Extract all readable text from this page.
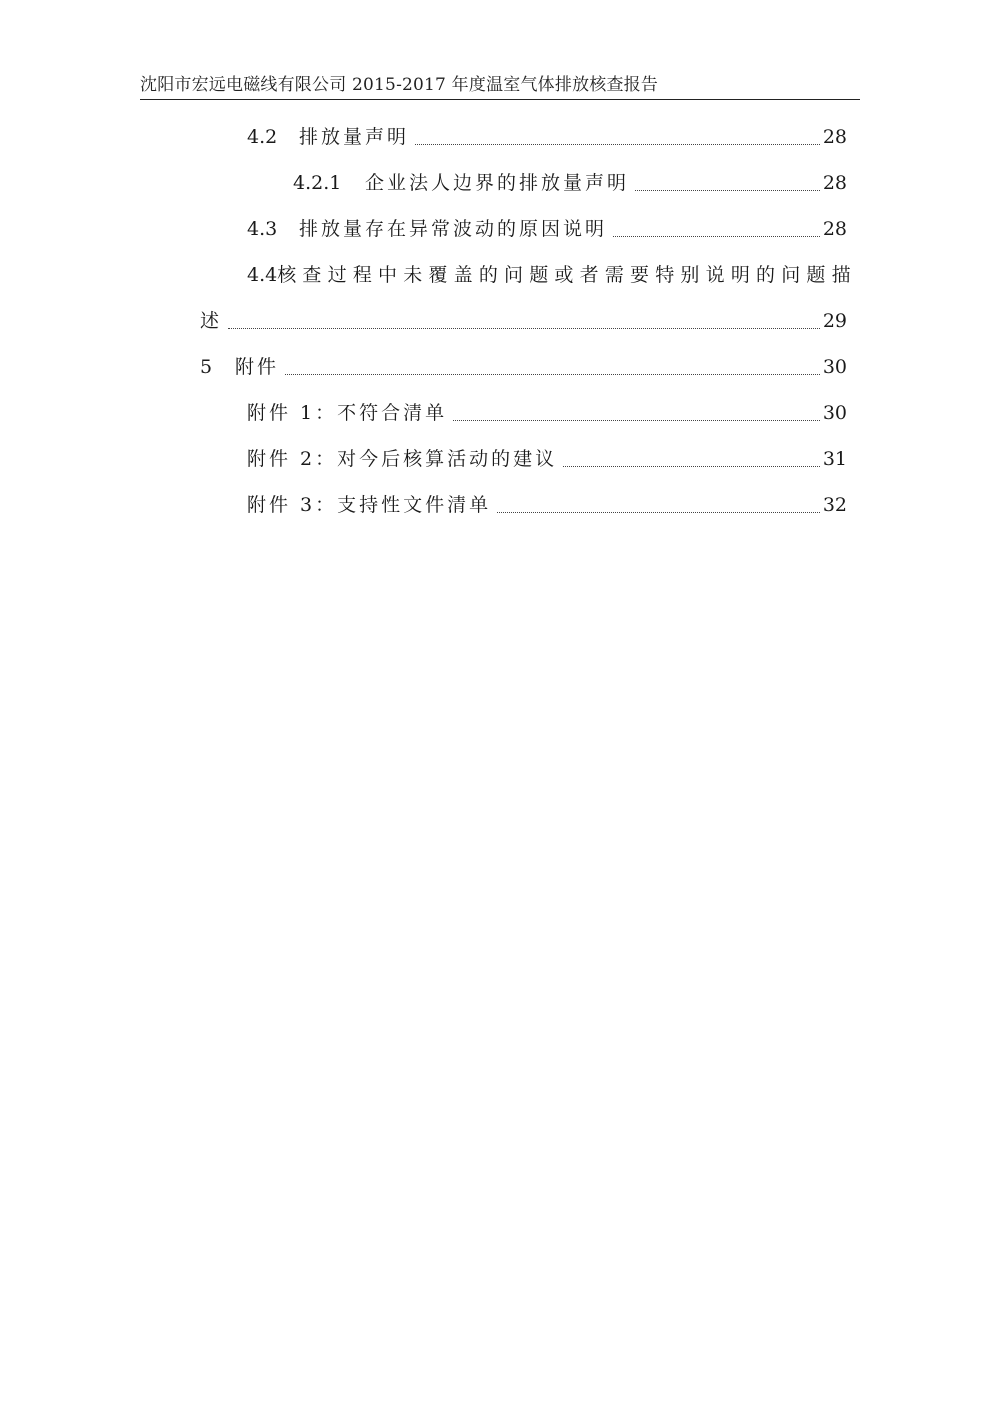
沈阳市宏远电磁线有限公司 2015-2017 年度温室气体排放核查报告
4.2	排放量声明	28
4.2.1	企业法人边界的排放量声明	28
4.3	排放量存在异常波动的原因说明	28
4.4 核查过程中未覆盖的问题或者需要特别说明的问题描
述	29
5	附件	30
附件 1：不符合清单	30
附件 2：对今后核算活动的建议	31
附件 3：支持性文件清单	32
